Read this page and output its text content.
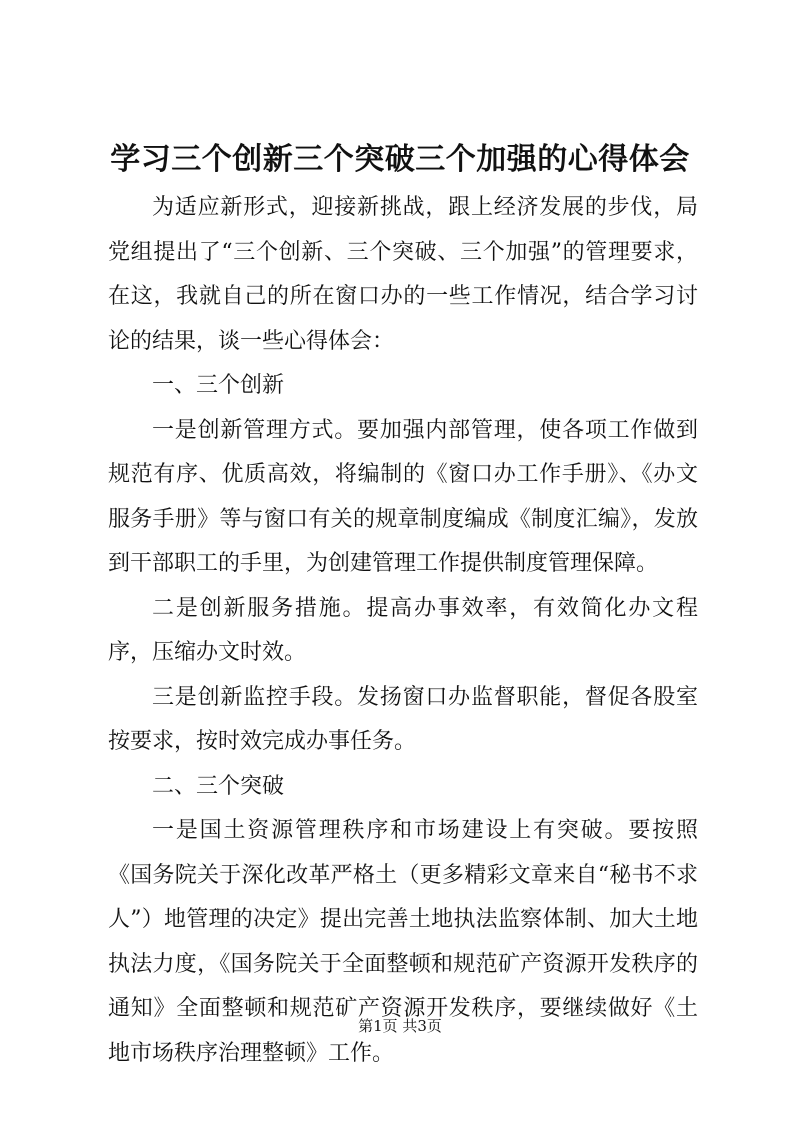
学习三个创新三个突破三个加强的心得体会

为适应新形式，迎接新挑战，跟上经济发展的步伐，局党组提出了“三个创新、三个突破、三个加强”的管理要求，在这，我就自己的所在窗口办的一些工作情况，结合学习讨论的结果，谈一些心得体会：

一、三个创新

一是创新管理方式。要加强内部管理，使各项工作做到规范有序、优质高效，将编制的《窗口办工作手册》、《办文服务手册》等与窗口有关的规章制度编成《制度汇编》，发放到干部职工的手里，为创建管理工作提供制度管理保障。

二是创新服务措施。提高办事效率，有效简化办文程序，压缩办文时效。

三是创新监控手段。发扬窗口办监督职能，督促各股室按要求，按时效完成办事任务。

二、三个突破

一是国土资源管理秩序和市场建设上有突破。要按照《国务院关于深化改革严格土（更多精彩文章来自“秘书不求人”）地管理的决定》提出完善土地执法监察体制、加大土地执法力度，《国务院关于全面整顿和规范矿产资源开发秩序的通知》全面整顿和规范矿产资源开发秩序，要继续做好《土地市场秩序治理整顿》工作。

第1页 共3页
